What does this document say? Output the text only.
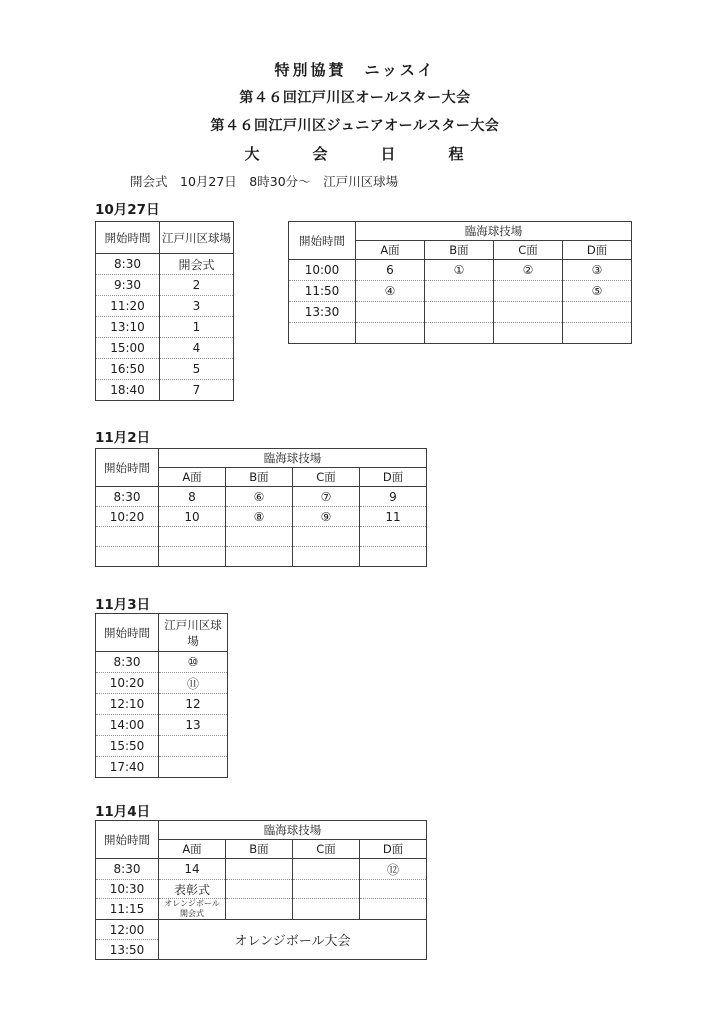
特別協賛　ニッスイ
第４６回江戸川区オールスター大会
第４６回江戸川区ジュニアオールスター大会
大　　　会　　　日　　　程
開会式　10月27日　8時30分～　江戸川区球場
10月27日
開始時間	江戸川区球場
8:30	開会式
9:30	2
11:20	3
13:10	1
15:00	4
16:50	5
18:40	7
開始時間	臨海球技場			
	A面	B面	C面	D面
10:00	6	①	②	③
11:50	④			⑤
13:30				

11月2日
開始時間	臨海球技場			
	A面	B面	C面	D面
8:30	8	⑥	⑦	9
10:20	10	⑧	⑨	11

11月3日
開始時間	江戸川区球場
8:30	⑩
10:20	⑪
12:10	12
14:00	13
15:50	
17:40	
11月4日
開始時間	臨海球技場			
	A面	B面	C面	D面
8:30	14			⑫
10:30	表彰式			
11:15	オレンジボール
開会式			
12:00	オレンジボール大会			
13:50				
